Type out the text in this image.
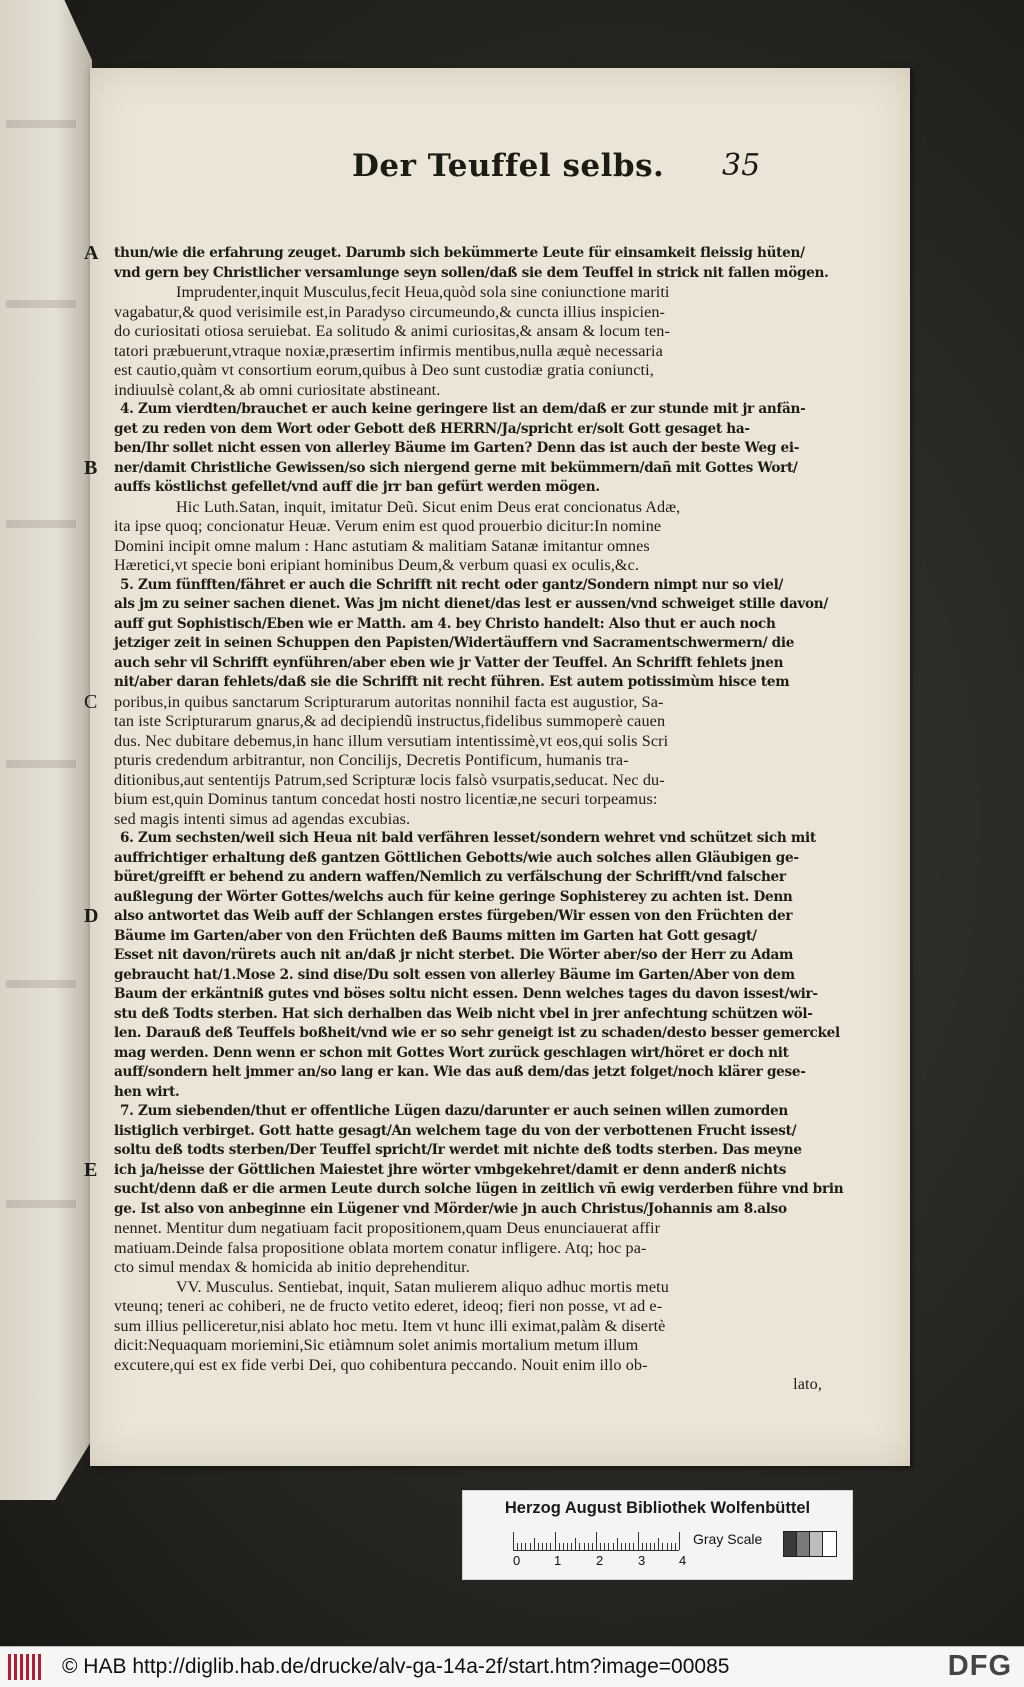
Der Teuffel selbs. 35
A thun/wie die erfahrung zeuget. Darumb sich bekümmerte Leute für einsamkeit fleissig hüten/
vnd gern bey Christlicher versamlunge seyn sollen/daß sie dem Teuffel in strick nit fallen mögen.
Imprudenter,inquit Musculus,fecit Heua,quòd sola sine coniunctione mariti
vagabatur,& quod verisimile est,in Paradyso circumeundo,& cuncta illius inspicien-
do curiositati otiosa seruiebat. Ea solitudo & animi curiositas,& ansam & locum ten-
tatori præbuerunt,vtraque noxiæ,præsertim infirmis mentibus,nulla æquè necessaria
est cautio,quàm vt consortium eorum,quibus à Deo sunt custodiæ gratia coniuncti,
indiuulsè colant,& ab omni curiositate abstineant.
4. Zum vierdten/brauchet er auch keine geringere list an dem/daß er zur stunde mit jr anfän-
get zu reden von dem Wort oder Gebott deß HERRN/Ja/spricht er/solt Gott gesaget ha-
ben/Ihr sollet nicht essen von allerley Bäume im Garten? Denn das ist auch der beste Weg ei-
B ner/damit Christliche Gewissen/so sich niergend gerne mit bekümmern/dañ mit Gottes Wort/
auffs köstlichst gefellet/vnd auff die jrr ban gefürt werden mögen.
Hic Luth.Satan, inquit, imitatur Deũ. Sicut enim Deus erat concionatus Adæ,
ita ipse quoq; concionatur Heuæ. Verum enim est quod prouerbio dicitur:In nomine
Domini incipit omne malum : Hanc astutiam & malitiam Satanæ imitantur omnes
Hæretici,vt specie boni eripiant hominibus Deum,& verbum quasi ex oculis,&c.
5. Zum fünfften/fähret er auch die Schrifft nit recht oder gantz/Sondern nimpt nur so viel/
als jm zu seiner sachen dienet. Was jm nicht dienet/das lest er aussen/vnd schweiget stille davon/
auff gut Sophistisch/Eben wie er Matth. am 4. bey Christo handelt: Also thut er auch noch
jetziger zeit in seinen Schuppen den Papisten/Widertäuffern vnd Sacramentschwermern/ die
auch sehr vil Schrifft eynführen/aber eben wie jr Vatter der Teuffel. An Schrifft fehlets jnen
nit/aber daran fehlets/daß sie die Schrifft nit recht führen. Est autem potissimùm hisce tem
C poribus,in quibus sanctarum Scripturarum autoritas nonnihil facta est augustior, Sa-
tan iste Scripturarum gnarus,& ad decipiendũ instructus,fidelibus summoperè cauen
dus. Nec dubitare debemus,in hanc illum versutiam intentissimè,vt eos,qui solis Scri
pturis credendum arbitrantur, non Concilijs, Decretis Pontificum, humanis tra-
ditionibus,aut sententijs Patrum,sed Scripturæ locis falsò vsurpatis,seducat. Nec du-
bium est,quin Dominus tantum concedat hosti nostro licentiæ,ne securi torpeamus:
sed magis intenti simus ad agendas excubias.
6. Zum sechsten/weil sich Heua nit bald verfähren lesset/sondern wehret vnd schützet sich mit
auffrichtiger erhaltung deß gantzen Göttlichen Gebotts/wie auch solches allen Gläubigen ge-
büret/greifft er behend zu andern waffen/Nemlich zu verfälschung der Schrifft/vnd falscher
außlegung der Wörter Gottes/welchs auch für keine geringe Sophisterey zu achten ist. Denn
D also antwortet das Weib auff der Schlangen erstes fürgeben/Wir essen von den Früchten der
Bäume im Garten/aber von den Früchten deß Baums mitten im Garten hat Gott gesagt/
Esset nit davon/rürets auch nit an/daß jr nicht sterbet. Die Wörter aber/so der Herr zu Adam
gebraucht hat/1.Mose 2. sind dise/Du solt essen von allerley Bäume im Garten/Aber von dem
Baum der erkäntniß gutes vnd böses soltu nicht essen. Denn welches tages du davon issest/wir-
stu deß Todts sterben. Hat sich derhalben das Weib nicht vbel in jrer anfechtung schützen wöl-
len. Darauß deß Teuffels boßheit/vnd wie er so sehr geneigt ist zu schaden/desto besser gemerckel
mag werden. Denn wenn er schon mit Gottes Wort zurück geschlagen wirt/höret er doch nit
auff/sondern helt jmmer an/so lang er kan. Wie das auß dem/das jetzt folget/noch klärer gese-
hen wirt.
7. Zum siebenden/thut er offentliche Lügen dazu/darunter er auch seinen willen zumorden
listiglich verbirget. Gott hatte gesagt/An welchem tage du von der verbottenen Frucht issest/
soltu deß todts sterben/Der Teuffel spricht/Ir werdet mit nichte deß todts sterben. Das meyne
E ich ja/heisse der Göttlichen Maiestet jhre wörter vmbgekehret/damit er denn anderß nichts
sucht/denn daß er die armen Leute durch solche lügen in zeitlich vñ ewig verderben führe vnd brin
ge. Ist also von anbeginne ein Lügener vnd Mörder/wie jn auch Christus/Johannis am 8.also
nennet. Mentitur dum negatiuam facit propositionem,quam Deus enunciauerat affir
matiuam.Deinde falsa propositione oblata mortem conatur infligere. Atq; hoc pa-
cto simul mendax & homicida ab initio deprehenditur.
VV. Musculus. Sentiebat, inquit, Satan mulierem aliquo adhuc mortis metu
vteunq; teneri ac cohiberi, ne de fructo vetito ederet, ideoq; fieri non posse, vt ad e-
sum illius pelliceretur,nisi ablato hoc metu. Item vt hunc illi eximat,palàm & disertè
dicit:Nequaquam moriemini,Sic etiàmnum solet animis mortalium metum illum
excutere,qui est ex fide verbi Dei, quo cohibentura peccando. Nouit enim illo ob-
lato,
Herzog August Bibliothek Wolfenbüttel
0	1	2	3	4
Gray Scale
© HAB http://diglib.hab.de/drucke/alv-ga-14a-2f/start.htm?image=00085	DFG
